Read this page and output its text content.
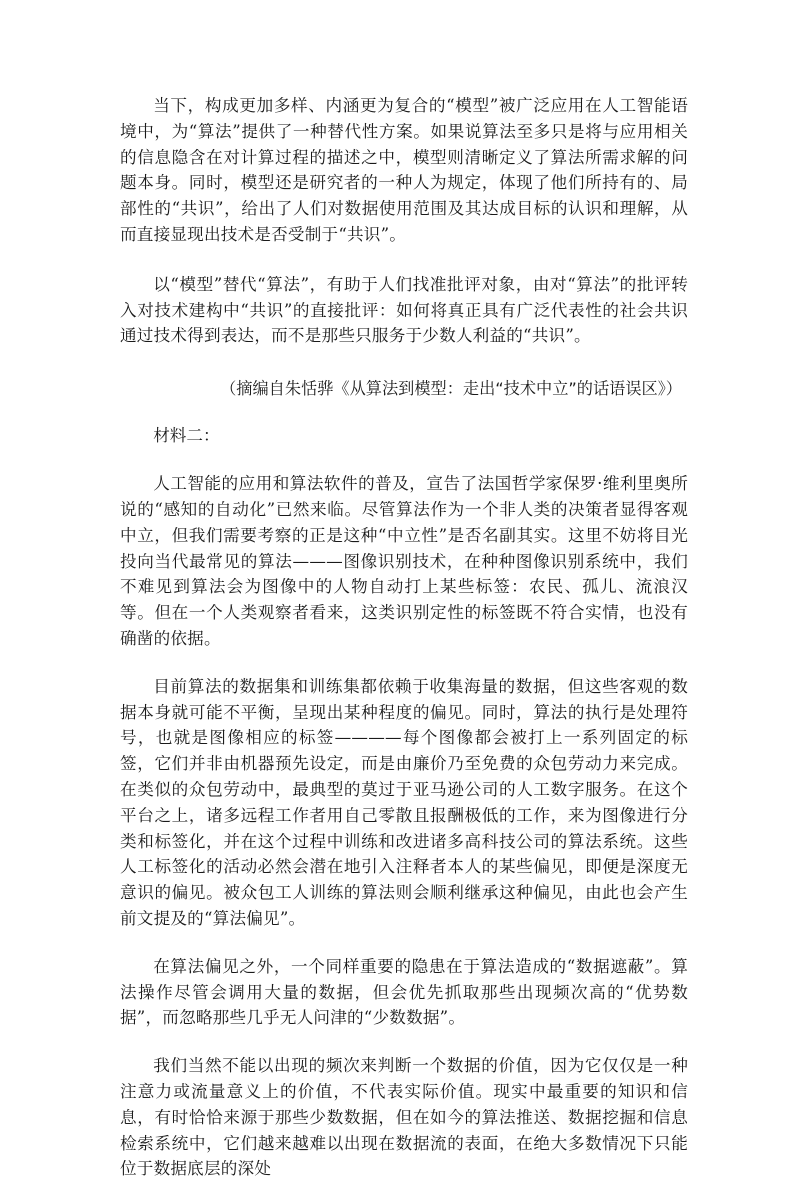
当下，构成更加多样、内涵更为复合的“模型”被广泛应用在人工智能语境中，为“算法”提供了一种替代性方案。如果说算法至多只是将与应用相关的信息隐含在对计算过程的描述之中，模型则清晰定义了算法所需求解的问题本身。同时，模型还是研究者的一种人为规定，体现了他们所持有的、局部性的“共识”，给出了人们对数据使用范围及其达成目标的认识和理解，从而直接显现出技术是否受制于“共识”。

以“模型”替代“算法”，有助于人们找准批评对象，由对“算法”的批评转入对技术建构中“共识”的直接批评：如何将真正具有广泛代表性的社会共识通过技术得到表达，而不是那些只服务于少数人利益的“共识”。

（摘编自朱恬骅《从算法到模型：走出“技术中立”的话语误区》）

材料二：

人工智能的应用和算法软件的普及，宣告了法国哲学家保罗·维利里奥所说的“感知的自动化”已然来临。尽管算法作为一个非人类的决策者显得客观中立，但我们需要考察的正是这种“中立性”是否名副其实。这里不妨将目光投向当代最常见的算法———图像识别技术，在种种图像识别系统中，我们不难见到算法会为图像中的人物自动打上某些标签：农民、孤儿、流浪汉等。但在一个人类观察者看来，这类识别定性的标签既不符合实情，也没有确凿的依据。

目前算法的数据集和训练集都依赖于收集海量的数据，但这些客观的数据本身就可能不平衡，呈现出某种程度的偏见。同时，算法的执行是处理符号，也就是图像相应的标签————每个图像都会被打上一系列固定的标签，它们并非由机器预先设定，而是由廉价乃至免费的众包劳动力来完成。在类似的众包劳动中，最典型的莫过于亚马逊公司的人工数字服务。在这个平台之上，诸多远程工作者用自己零散且报酬极低的工作，来为图像进行分类和标签化，并在这个过程中训练和改进诸多高科技公司的算法系统。这些人工标签化的活动必然会潜在地引入注释者本人的某些偏见，即便是深度无意识的偏见。被众包工人训练的算法则会顺利继承这种偏见，由此也会产生前文提及的“算法偏见”。

在算法偏见之外，一个同样重要的隐患在于算法造成的“数据遮蔽”。算法操作尽管会调用大量的数据，但会优先抓取那些出现频次高的“优势数据”，而忽略那些几乎无人问津的“少数数据”。

我们当然不能以出现的频次来判断一个数据的价值，因为它仅仅是一种注意力或流量意义上的价值，不代表实际价值。现实中最重要的知识和信息，有时恰恰来源于那些少数数据，但在如今的算法推送、数据挖掘和信息检索系统中，它们越来越难以出现在数据流的表面，在绝大多数情况下只能位于数据底层的深处
